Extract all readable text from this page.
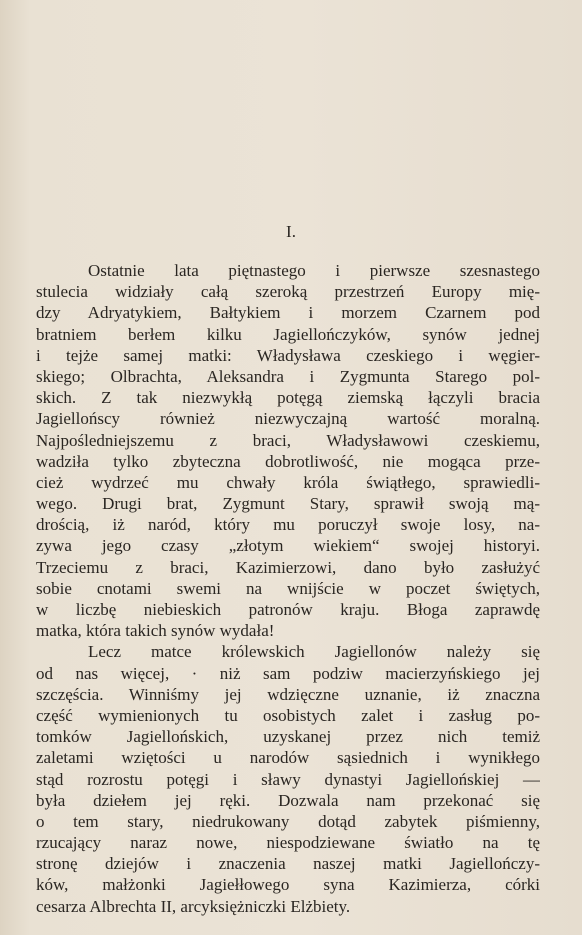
I.
Ostatnie lata piętnastego i pierwsze szesnastego
stulecia widziały całą szeroką przestrzeń Europy mię-
dzy Adryatykiem, Bałtykiem i morzem Czarnem pod
bratniem berłem kilku Jagiellończyków, synów jednej
i tejże samej matki: Władysława czeskiego i węgier-
skiego; Olbrachta, Aleksandra i Zygmunta Starego pol-
skich. Z tak niezwykłą potęgą ziemską łączyli bracia
Jagiellońscy również niezwyczajną wartość moralną.
Najpośledniejszemu z braci, Władysławowi czeskiemu,
wadziła tylko zbyteczna dobrotliwość, nie mogąca prze-
cież wydrzeć mu chwały króla świątłego, sprawiedli-
wego. Drugi brat, Zygmunt Stary, sprawił swoją mą-
drością, iż naród, który mu poruczył swoje losy, na-
zywa jego czasy „złotym wiekiem“ swojej historyi.
Trzeciemu z braci, Kazimierzowi, dano było zasłużyć
sobie cnotami swemi na wnijście w poczet świętych,
w liczbę niebieskich patronów kraju. Błoga zaprawdę
matka, która takich synów wydała!
Lecz matce królewskich Jagiellonów należy się
od nas więcej, · niż sam podziw macierzyńskiego jej
szczęścia. Winniśmy jej wdzięczne uznanie, iż znaczna
część wymienionych tu osobistych zalet i zasług po-
tomków Jagiellońskich, uzyskanej przez nich temiż
zaletami wziętości u narodów sąsiednich i wynikłego
stąd rozrostu potęgi i sławy dynastyi Jagiellońskiej —
była dziełem jej ręki. Dozwala nam przekonać się
o tem stary, niedrukowany dotąd zabytek piśmienny,
rzucający naraz nowe, niespodziewane światło na tę
stronę dziejów i znaczenia naszej matki Jagiellończy-
ków, małżonki Jagiełłowego syna Kazimierza, córki
cesarza Albrechta II, arcyksiężniczki Elżbiety.
